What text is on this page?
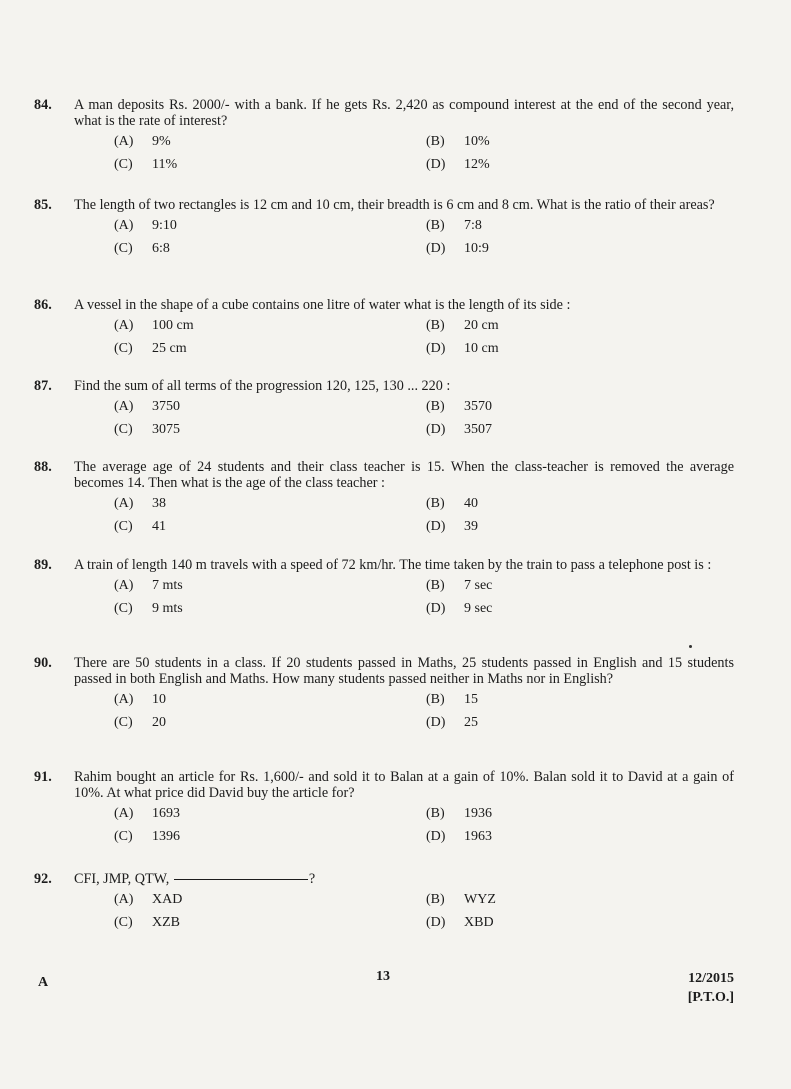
84. A man deposits Rs. 2000/- with a bank. If he gets Rs. 2,420 as compound interest at the end of the second year, what is the rate of interest?
(A) 9%	(B) 10%
(C) 11%	(D) 12%
85. The length of two rectangles is 12 cm and 10 cm, their breadth is 6 cm and 8 cm. What is the ratio of their areas?
(A) 9:10	(B) 7:8
(C) 6:8	(D) 10:9
86. A vessel in the shape of a cube contains one litre of water what is the length of its side :
(A) 100 cm	(B) 20 cm
(C) 25 cm	(D) 10 cm
87. Find the sum of all terms of the progression 120, 125, 130 ... 220 :
(A) 3750	(B) 3570
(C) 3075	(D) 3507
88. The average age of 24 students and their class teacher is 15. When the class-teacher is removed the average becomes 14. Then what is the age of the class teacher :
(A) 38	(B) 40
(C) 41	(D) 39
89. A train of length 140 m travels with a speed of 72 km/hr. The time taken by the train to pass a telephone post is :
(A) 7 mts	(B) 7 sec
(C) 9 mts	(D) 9 sec
90. There are 50 students in a class. If 20 students passed in Maths, 25 students passed in English and 15 students passed in both English and Maths. How many students passed neither in Maths nor in English?
(A) 10	(B) 15
(C) 20	(D) 25
91. Rahim bought an article for Rs. 1,600/- and sold it to Balan at a gain of 10%. Balan sold it to David at a gain of 10%. At what price did David buy the article for?
(A) 1693	(B) 1936
(C) 1396	(D) 1963
92. CFI, JMP, QTW,	?
(A) XAD	(B) WYZ
(C) XZB	(D) XBD
A	13	12/2015
[P.T.O.]
